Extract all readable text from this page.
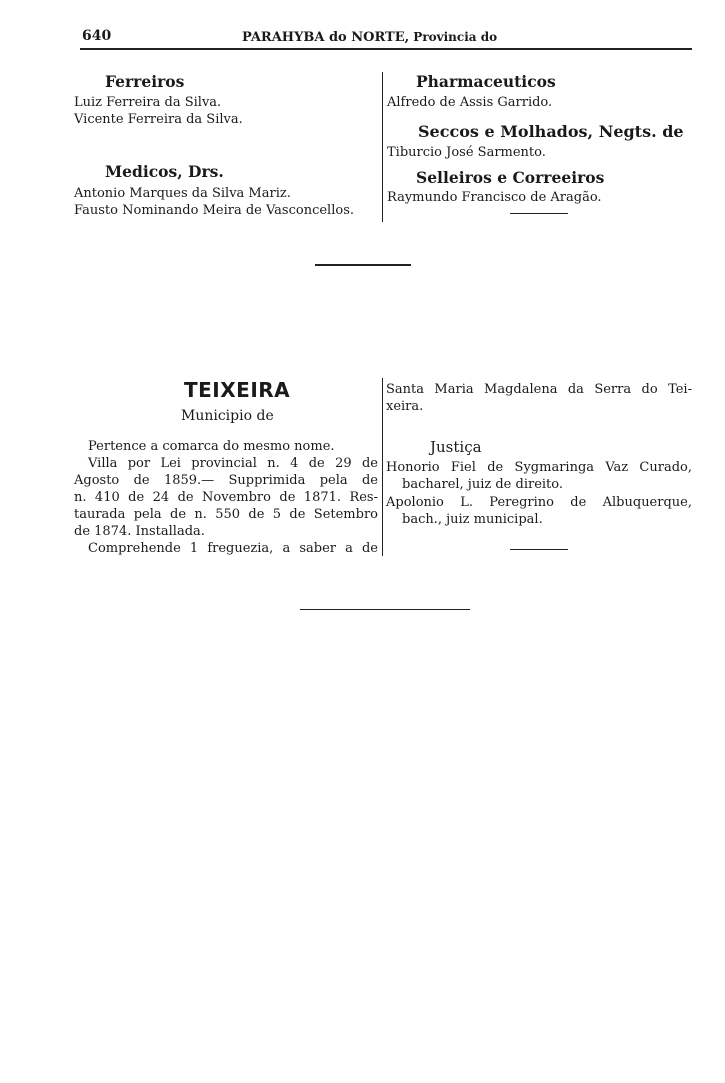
640	PARAHYBA do NORTE, Provincia do
Ferreiros
Luiz Ferreira da Silva.
Vicente Ferreira da Silva.
Medicos, Drs.
Antonio Marques da Silva Mariz.
Fausto Nominando Meira de Vasconcellos.
Pharmaceuticos
Alfredo de Assis Garrido.
Seccos e Molhados, Negts. de
Tiburcio José Sarmento.
Selleiros e Correeiros
Raymundo Francisco de Aragão.
TEIXEIRA
Municipio de
Pertence a comarca do mesmo nome.
Villa por Lei provincial n. 4 de 29 de
Agosto de 1859.— Supprimida pela de
n. 410 de 24 de Novembro de 1871. Res-
taurada pela de n. 550 de 5 de Setembro
de 1874. Installada.
Comprehende 1 freguezia, a saber a de
Santa Maria Magdalena da Serra do Tei-
xeira.
Justiça
Honorio Fiel de Sygmaringa Vaz Curado,
bacharel, juiz de direito.
Apolonio L. Peregrino de Albuquerque,
bach., juiz municipal.
